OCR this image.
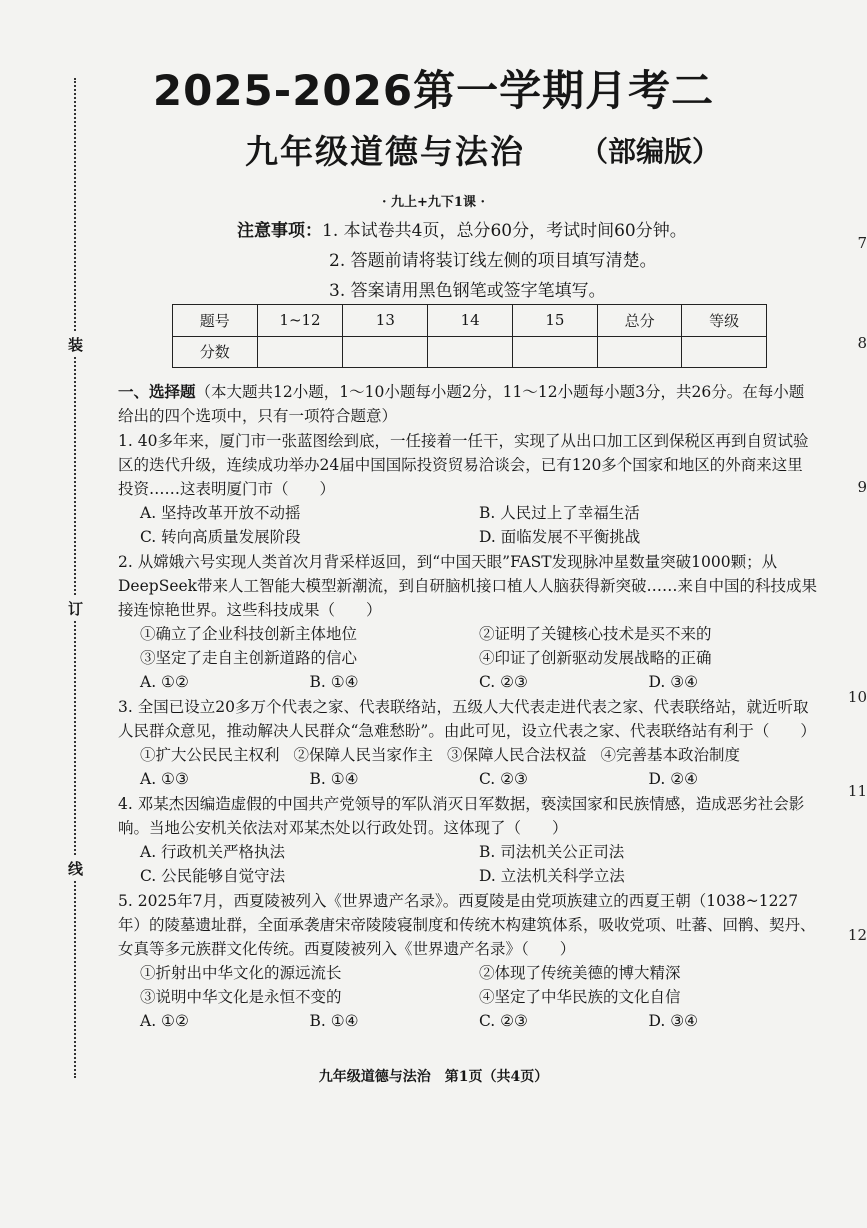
装
订
线
7
8
9
10
11
12
2025-2026第一学期月考二
九年级道德与法治 （部编版）
· 九上+九下1课 ·
注意事项：1. 本试卷共4页，总分60分，考试时间60分钟。
2. 答题前请将装订线左侧的项目填写清楚。
3. 答案请用黑色钢笔或签字笔填写。
题号	1~12	13	14	15	总分	等级
分数						
一、选择题（本大题共12小题，1～10小题每小题2分，11～12小题每小题3分，共26分。在每小题给出的四个选项中，只有一项符合题意）
1. 40多年来，厦门市一张蓝图绘到底，一任接着一任干，实现了从出口加工区到保税区再到自贸试验区的迭代升级，连续成功举办24届中国国际投资贸易洽谈会，已有120多个国家和地区的外商来这里投资……这表明厦门市（　　）
A. 坚持改革开放不动摇	B. 人民过上了幸福生活
C. 转向高质量发展阶段	D. 面临发展不平衡挑战
2. 从嫦娥六号实现人类首次月背采样返回，到“中国天眼”FAST发现脉冲星数量突破1000颗；从DeepSeek带来人工智能大模型新潮流，到自研脑机接口植人人脑获得新突破……来自中国的科技成果接连惊艳世界。这些科技成果（　　）
①确立了企业科技创新主体地位	②证明了关键核心技术是买不来的
③坚定了走自主创新道路的信心	④印证了创新驱动发展战略的正确
A. ①②	B. ①④	C. ②③	D. ③④
3. 全国已设立20多万个代表之家、代表联络站，五级人大代表走进代表之家、代表联络站，就近听取人民群众意见，推动解决人民群众“急难愁盼”。由此可见，设立代表之家、代表联络站有利于（　　）
①扩大公民民主权利 ②保障人民当家作主 ③保障人民合法权益 ④完善基本政治制度
A. ①③	B. ①④	C. ②③	D. ②④
4. 邓某杰因编造虚假的中国共产党领导的军队消灭日军数据，亵渎国家和民族情感，造成恶劣社会影响。当地公安机关依法对邓某杰处以行政处罚。这体现了（　　）
A. 行政机关严格执法	B. 司法机关公正司法
C. 公民能够自觉守法	D. 立法机关科学立法
5. 2025年7月，西夏陵被列入《世界遗产名录》。西夏陵是由党项族建立的西夏王朝（1038~1227年）的陵墓遗址群，全面承袭唐宋帝陵陵寝制度和传统木构建筑体系，吸收党项、吐蕃、回鹘、契丹、女真等多元族群文化传统。西夏陵被列入《世界遗产名录》（　　）
①折射出中华文化的源远流长	②体现了传统美德的博大精深
③说明中华文化是永恒不变的	④坚定了中华民族的文化自信
A. ①②	B. ①④	C. ②③	D. ③④
九年级道德与法治　第1页（共4页）
